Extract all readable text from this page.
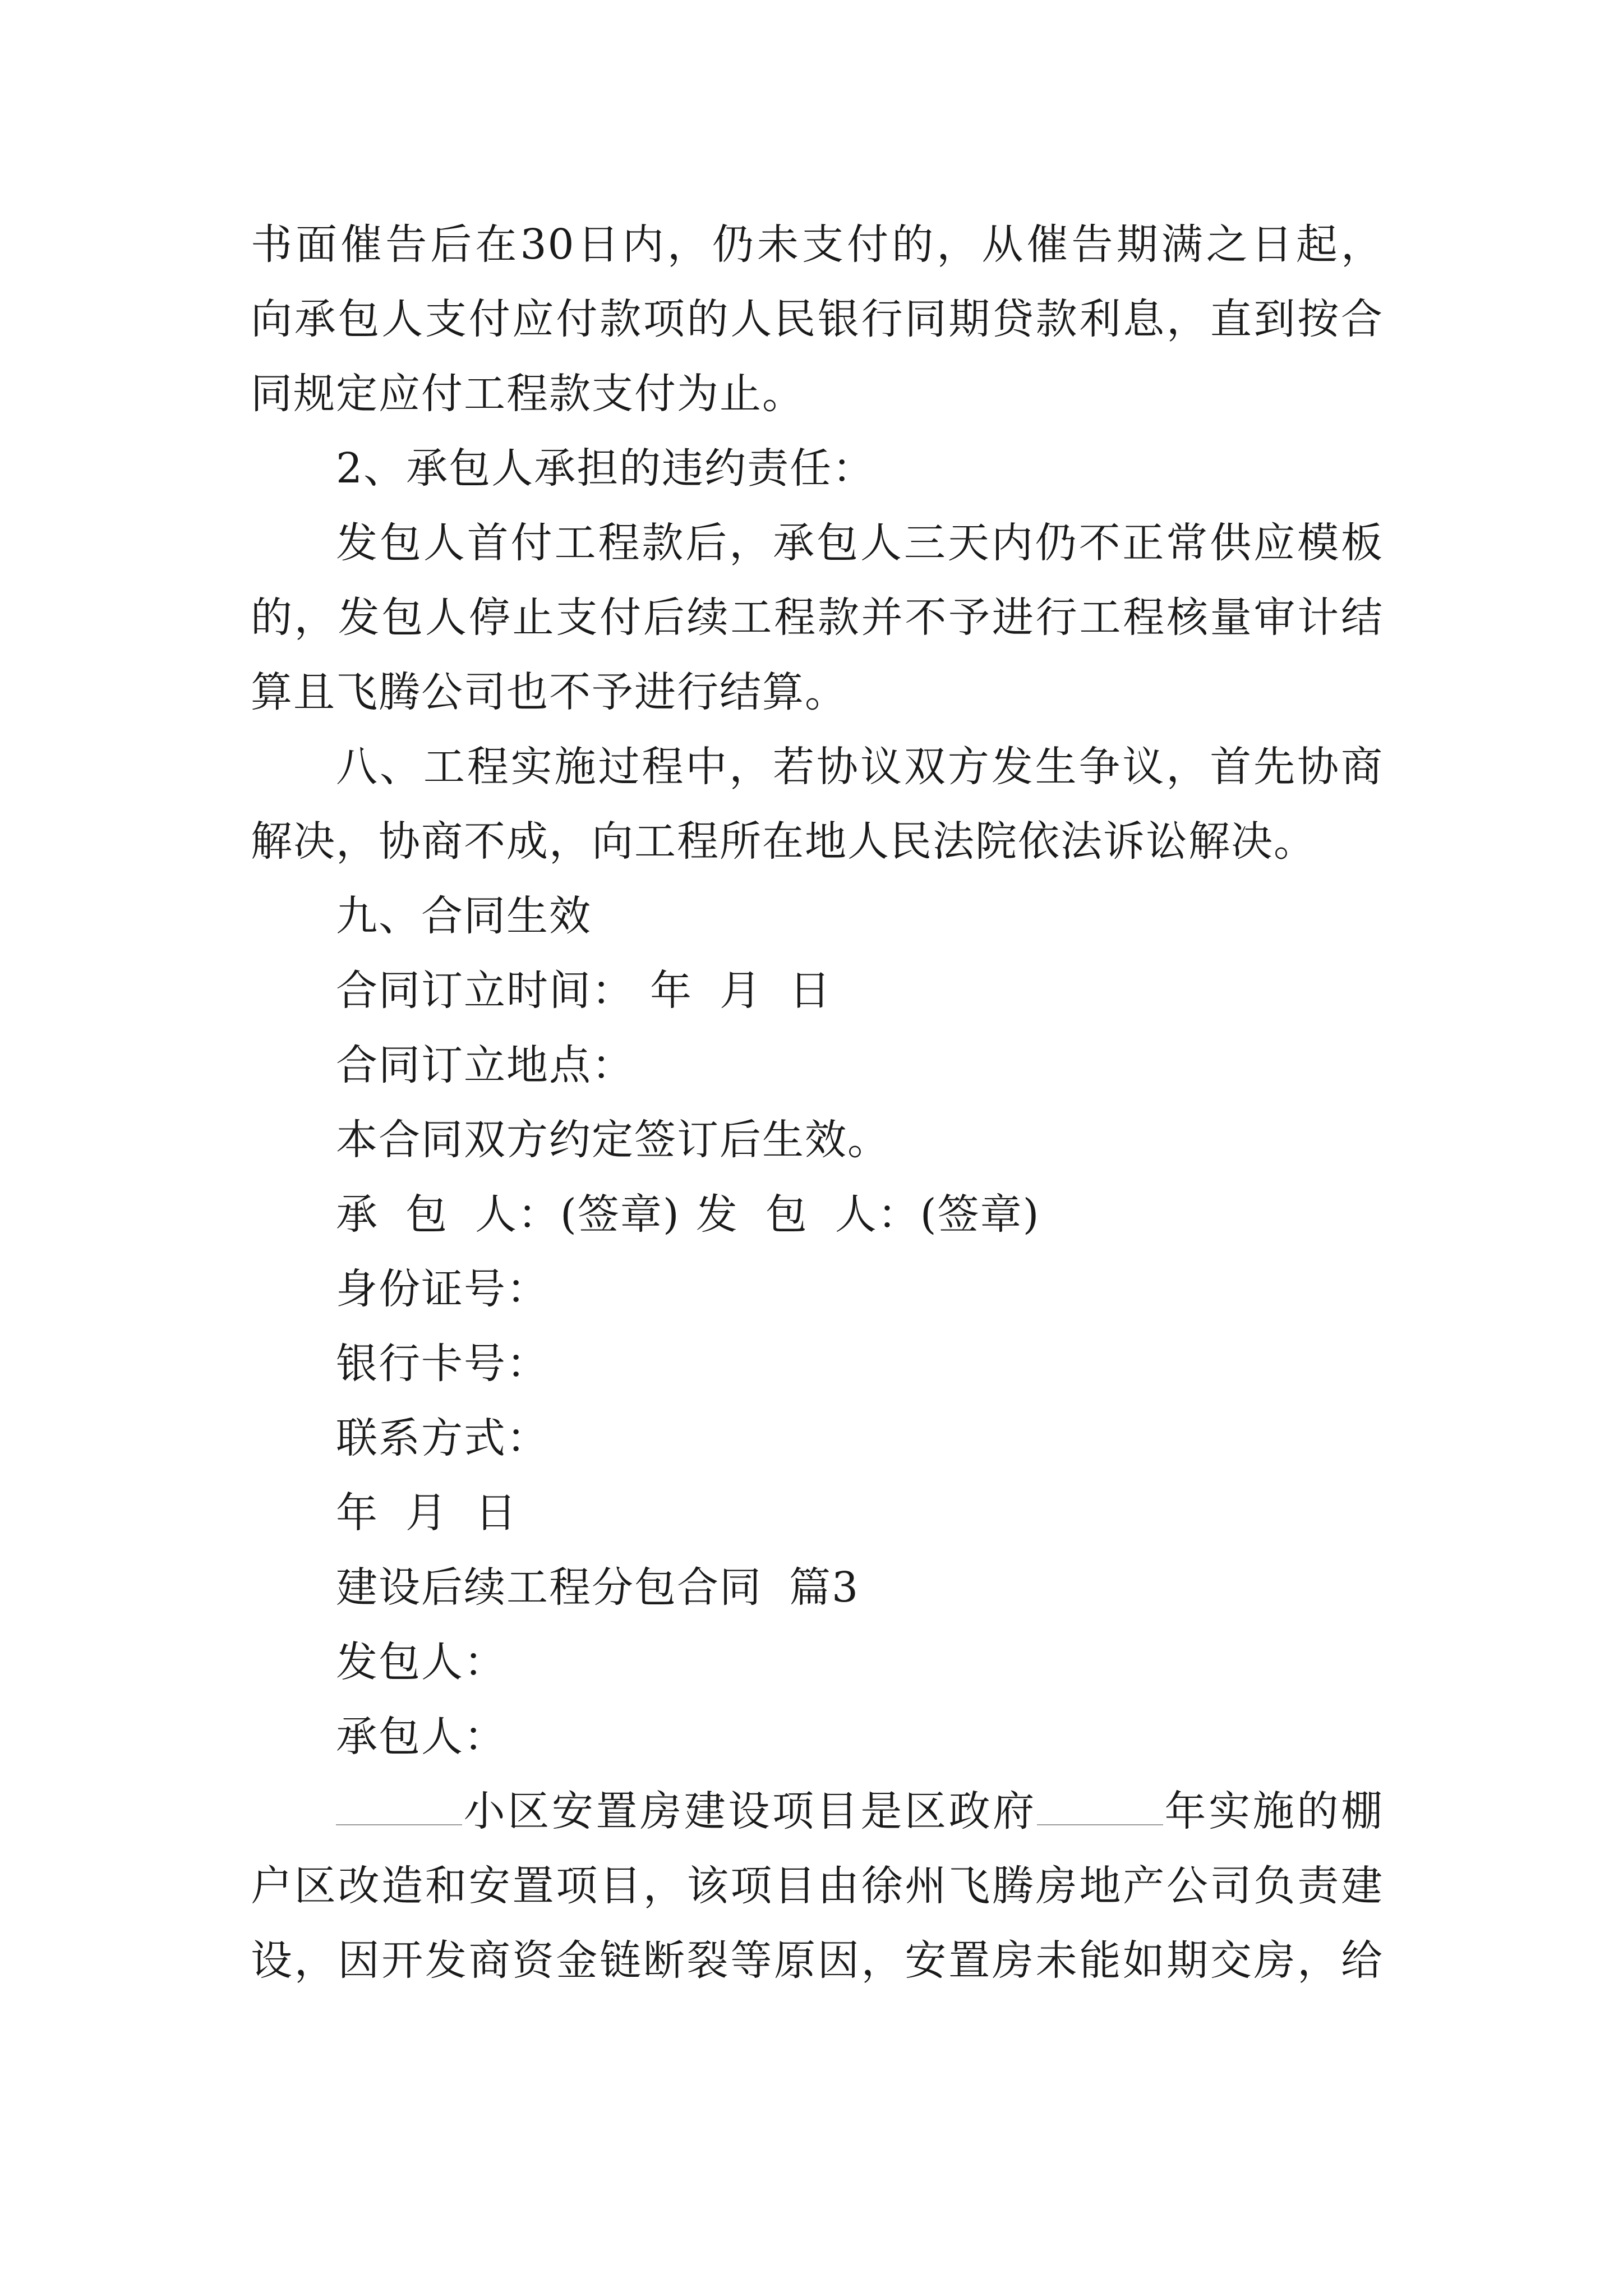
书面催告后在30日内，仍未支付的，从催告期满之日起，
向承包人支付应付款项的人民银行同期贷款利息，直到按合
同规定应付工程款支付为止。
2、承包人承担的违约责任：
发包人首付工程款后，承包人三天内仍不正常供应模板
的，发包人停止支付后续工程款并不予进行工程核量审计结
算且飞腾公司也不予进行结算。
八、工程实施过程中，若协议双方发生争议，首先协商
解决，协商不成，向工程所在地人民法院依法诉讼解决。
九、合同生效
合同订立时间： 年 月 日
合同订立地点：
本合同双方约定签订后生效。
承 包 人：(签章) 发 包 人：(签章)
身份证号：
银行卡号：
联系方式：
年 月 日
建设后续工程分包合同 篇3
发包人：
承包人：
小区安置房建设项目是区政府	年实施的棚
户区改造和安置项目，该项目由徐州飞腾房地产公司负责建
设，因开发商资金链断裂等原因，安置房未能如期交房，给
